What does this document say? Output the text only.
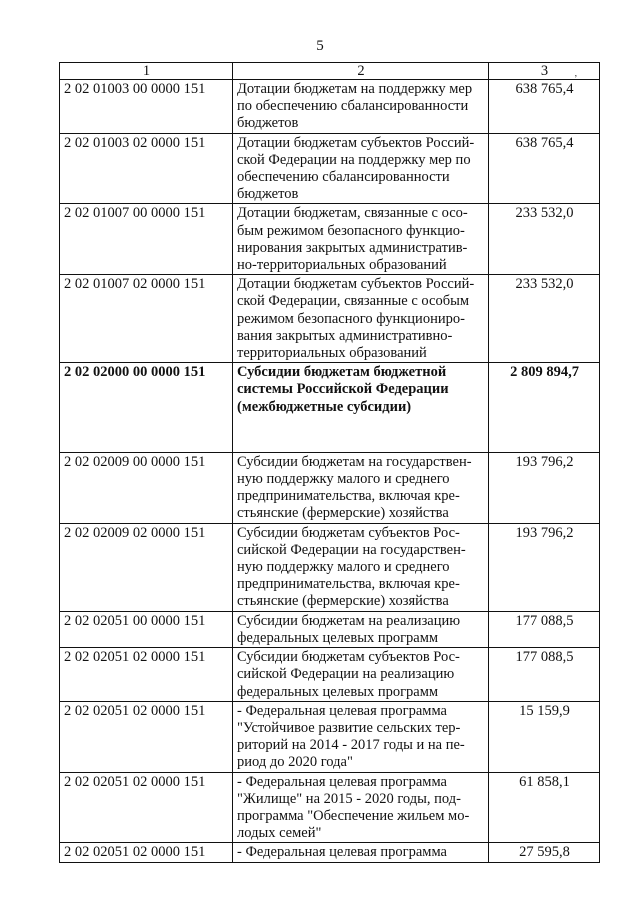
5
1	2	3 ,

2 02 01003 00 0000 151	Дотации бюджетам на поддержку мер
по обеспечению сбалансированности
бюджетов	638 765,4
2 02 01003 02 0000 151	Дотации бюджетам субъектов Россий-
ской Федерации на поддержку мер по
обеспечению сбалансированности
бюджетов	638 765,4
2 02 01007 00 0000 151	Дотации бюджетам, связанные с осо-
бым режимом безопасного функцио-
нирования закрытых административ-
но-территориальных образований	233 532,0
2 02 01007 02 0000 151	Дотации бюджетам субъектов Россий-
ской Федерации, связанные с особым
режимом безопасного функциониро-
вания закрытых административно-
территориальных образований	233 532,0
2 02 02000 00 0000 151	Субсидии бюджетам бюджетной
системы Российской Федерации
(межбюджетные субсидии)	2 809 894,7
2 02 02009 00 0000 151	Субсидии бюджетам на государствен-
ную поддержку малого и среднего
предпринимательства, включая кре-
стьянские (фермерские) хозяйства	193 796,2
2 02 02009 02 0000 151	Субсидии бюджетам субъектов Рос-
сийской Федерации на государствен-
ную поддержку малого и среднего
предпринимательства, включая кре-
стьянские (фермерские) хозяйства	193 796,2
2 02 02051 00 0000 151	Субсидии бюджетам на реализацию
федеральных целевых программ	177 088,5
2 02 02051 02 0000 151	Субсидии бюджетам субъектов Рос-
сийской Федерации на реализацию
федеральных целевых программ	177 088,5
2 02 02051 02 0000 151	- Федеральная целевая программа
"Устойчивое развитие сельских тер-
риторий на 2014 - 2017 годы и на пе-
риод до 2020 года"	15 159,9
2 02 02051 02 0000 151	- Федеральная целевая программа
"Жилище" на 2015 - 2020 годы, под-
программа "Обеспечение жильем мо-
лодых семей"	61 858,1
2 02 02051 02 0000 151	- Федеральная целевая программа	27 595,8
